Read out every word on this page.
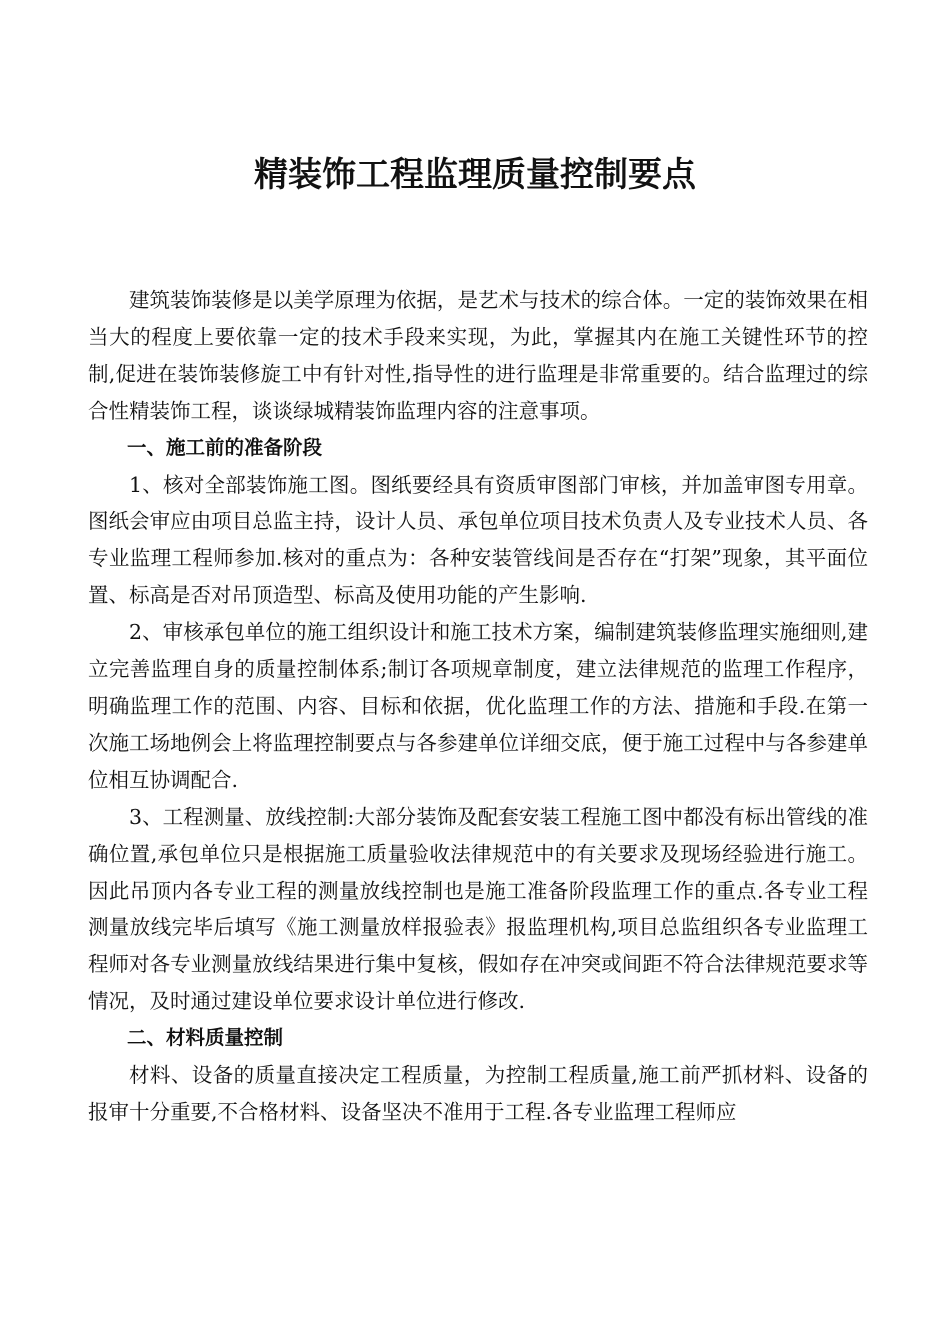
精装饰工程监理质量控制要点

建筑装饰装修是以美学原理为依据，是艺术与技术的综合体。一定的装饰效果在相当大的程度上要依靠一定的技术手段来实现，为此，掌握其内在施工关键性环节的控制,促进在装饰装修旋工中有针对性,指导性的进行监理是非常重要的。结合监理过的综合性精装饰工程，谈谈绿城精装饰监理内容的注意事项。

一、施工前的准备阶段

1、核对全部装饰施工图。图纸要经具有资质审图部门审核，并加盖审图专用章。图纸会审应由项目总监主持，设计人员、承包单位项目技术负责人及专业技术人员、各专业监理工程师参加.核对的重点为：各种安装管线间是否存在“打架”现象，其平面位置、标高是否对吊顶造型、标高及使用功能的产生影响.

2、审核承包单位的施工组织设计和施工技术方案，编制建筑装修监理实施细则,建立完善监理自身的质量控制体系;制订各项规章制度，建立法律规范的监理工作程序，明确监理工作的范围、内容、目标和依据，优化监理工作的方法、措施和手段.在第一次施工场地例会上将监理控制要点与各参建单位详细交底，便于施工过程中与各参建单位相互协调配合.

3、工程测量、放线控制:大部分装饰及配套安装工程施工图中都没有标出管线的准确位置,承包单位只是根据施工质量验收法律规范中的有关要求及现场经验进行施工。因此吊顶内各专业工程的测量放线控制也是施工准备阶段监理工作的重点.各专业工程测量放线完毕后填写《施工测量放样报验表》报监理机构,项目总监组织各专业监理工程师对各专业测量放线结果进行集中复核，假如存在冲突或间距不符合法律规范要求等情况，及时通过建设单位要求设计单位进行修改.

二、材料质量控制

材料、设备的质量直接决定工程质量，为控制工程质量,施工前严抓材料、设备的报审十分重要,不合格材料、设备坚决不准用于工程.各专业监理工程师应
